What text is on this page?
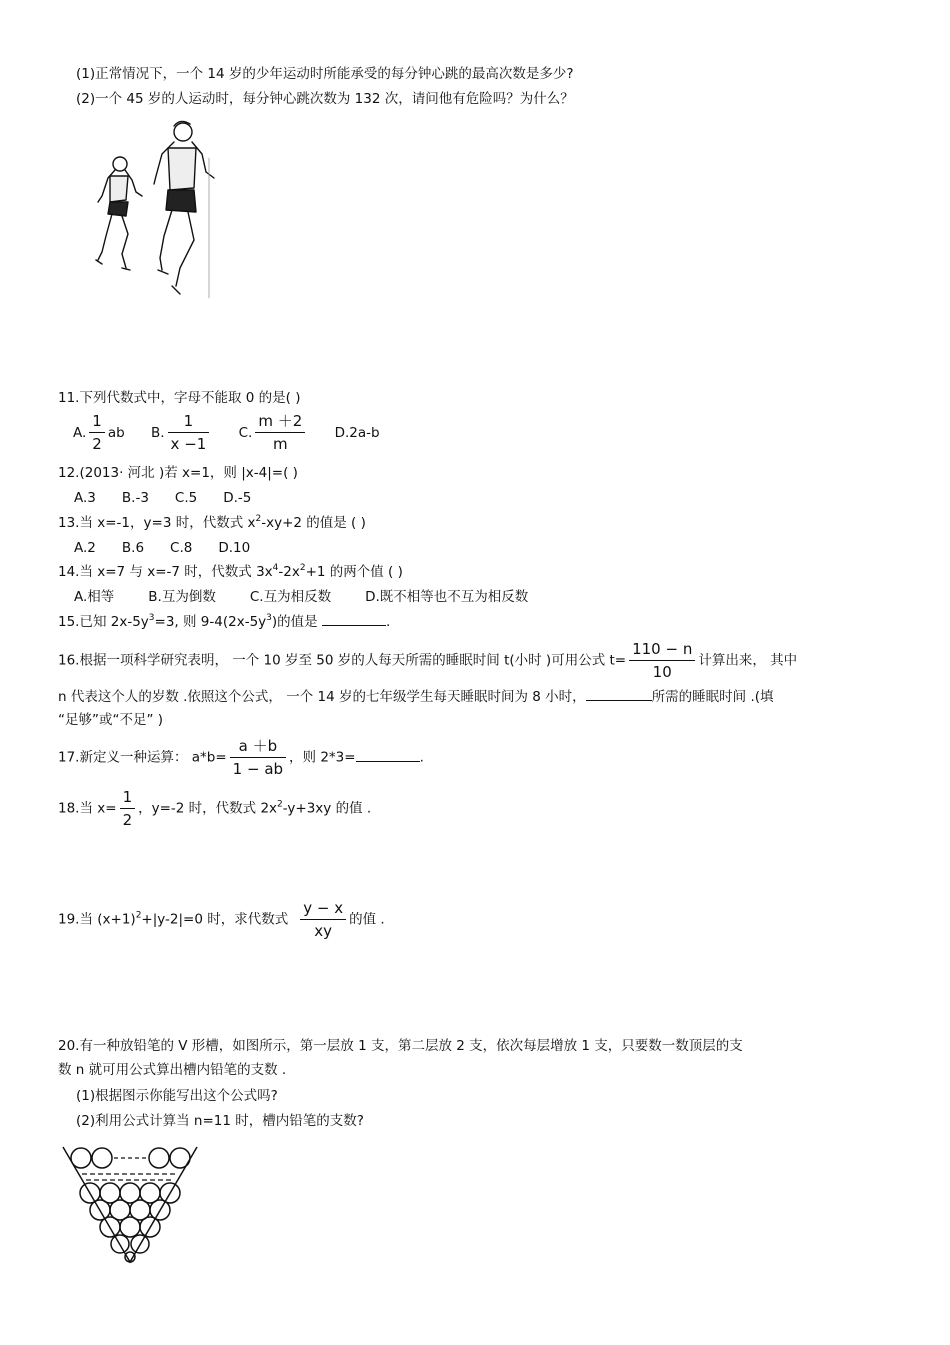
(1)正常情况下，一个 14 岁的少年运动时所能承受的每分钟心跳的最高次数是多少?
(2)一个 45 岁的人运动时，每分钟心跳次数为 132 次，请问他有危险吗？为什么？
11.下列代数式中，字母不能取 0 的是( )
A. $\frac{1}{2}$ ab B. $\frac{1}{x -1} C$. $\frac{m +2}{m} D.2a-b$
12.(2013· 河北 )若 x=1，则 |x-4|=( )
A.3 B.-3 C.5 D.-5
13.当 x=-1，y=3 时，代数式 $x^2-xy+2$ 的值是 ( )
A.2 B.6 C.8 D.10
14.当 x=7 与 x=-7 时，代数式 $3x^4-2x^2+1$ 的两个值 ( )
A.相等	B.互为倒数	C.互为相反数	D.既不相等也不互为相反数
15.已知 $2x-5y^3=3$, 则 $9-4(2x-5y^3)$的值是	.
16.根据一项科学研究表明， 一个 10 岁至 50 岁的人每天所需的睡眠时间 t(小时 )可用公式 $t= \frac{110 - n}{10}$ 计算出来， 其中
n 代表这个人的岁数 .依照这个公式， 一个 14 岁的七年级学生每天睡眠时间为 8 小时，	所需的睡眠时间 .(填
“足够”或“不足” )
17.新定义一种运算： $a*b= \frac{a +b}{1 - ab}$ ，则 2*3=	.
18.当 $x= \frac{1}{2}$ ，y=-2 时，代数式 $2x^2-y+3xy$ 的值 .
19.当 $(x+1)^2+|y-2|=0$ 时，求代数式 $\frac{y - x}{xy}$ 的值 .
20.有一种放铅笔的 V 形槽，如图所示，第一层放 1 支，第二层放 2 支，依次每层增放 1 支，只要数一数顶层的支
数 n 就可用公式算出槽内铅笔的支数 .
(1)根据图示你能写出这个公式吗?
(2)利用公式计算当 n=11 时，槽内铅笔的支数?
